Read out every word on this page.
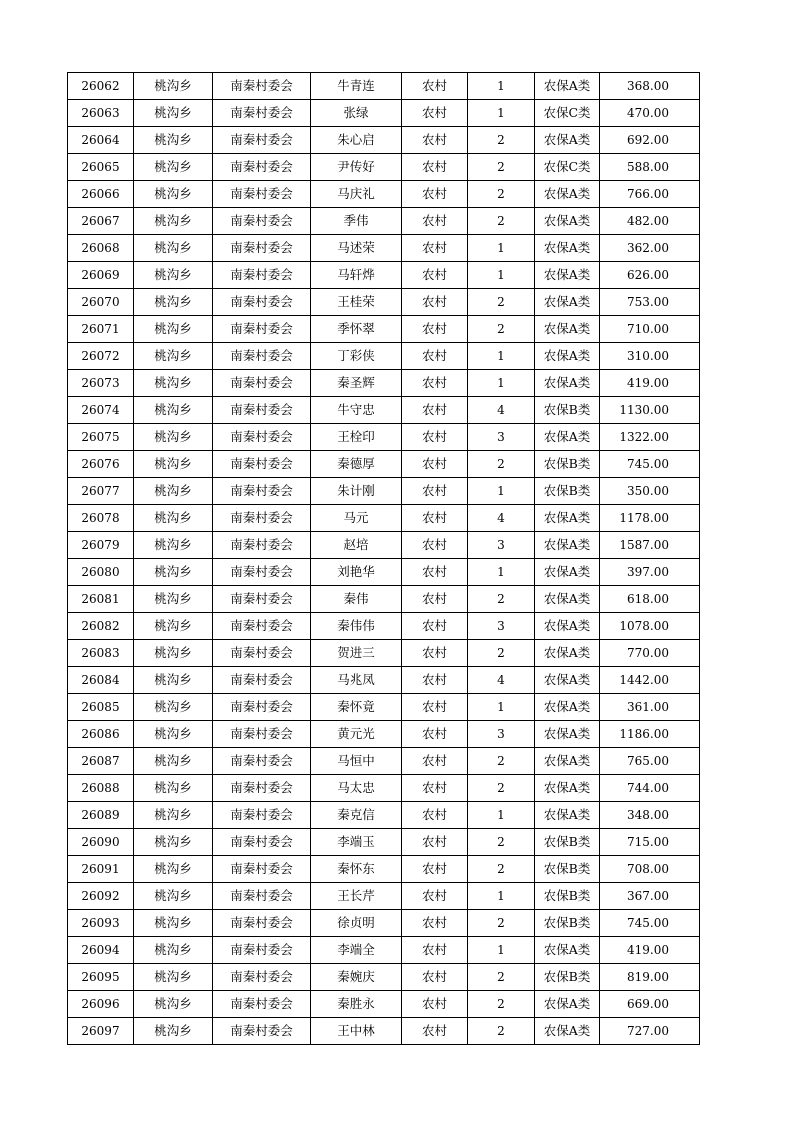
26062	桃沟乡	南秦村委会	牛青连	农村	1	农保A类	368.00
26063	桃沟乡	南秦村委会	张绿	农村	1	农保C类	470.00
26064	桃沟乡	南秦村委会	朱心启	农村	2	农保A类	692.00
26065	桃沟乡	南秦村委会	尹传好	农村	2	农保C类	588.00
26066	桃沟乡	南秦村委会	马庆礼	农村	2	农保A类	766.00
26067	桃沟乡	南秦村委会	季伟	农村	2	农保A类	482.00
26068	桃沟乡	南秦村委会	马述荣	农村	1	农保A类	362.00
26069	桃沟乡	南秦村委会	马轩烨	农村	1	农保A类	626.00
26070	桃沟乡	南秦村委会	王桂荣	农村	2	农保A类	753.00
26071	桃沟乡	南秦村委会	季怀翠	农村	2	农保A类	710.00
26072	桃沟乡	南秦村委会	丁彩侠	农村	1	农保A类	310.00
26073	桃沟乡	南秦村委会	秦圣辉	农村	1	农保A类	419.00
26074	桃沟乡	南秦村委会	牛守忠	农村	4	农保B类	1130.00
26075	桃沟乡	南秦村委会	王栓印	农村	3	农保A类	1322.00
26076	桃沟乡	南秦村委会	秦德厚	农村	2	农保B类	745.00
26077	桃沟乡	南秦村委会	朱计刚	农村	1	农保B类	350.00
26078	桃沟乡	南秦村委会	马元	农村	4	农保A类	1178.00
26079	桃沟乡	南秦村委会	赵培	农村	3	农保A类	1587.00
26080	桃沟乡	南秦村委会	刘艳华	农村	1	农保A类	397.00
26081	桃沟乡	南秦村委会	秦伟	农村	2	农保A类	618.00
26082	桃沟乡	南秦村委会	秦伟伟	农村	3	农保A类	1078.00
26083	桃沟乡	南秦村委会	贺进三	农村	2	农保A类	770.00
26084	桃沟乡	南秦村委会	马兆凤	农村	4	农保A类	1442.00
26085	桃沟乡	南秦村委会	秦怀竟	农村	1	农保A类	361.00
26086	桃沟乡	南秦村委会	黄元光	农村	3	农保A类	1186.00
26087	桃沟乡	南秦村委会	马恒中	农村	2	农保A类	765.00
26088	桃沟乡	南秦村委会	马太忠	农村	2	农保A类	744.00
26089	桃沟乡	南秦村委会	秦克信	农村	1	农保A类	348.00
26090	桃沟乡	南秦村委会	李端玉	农村	2	农保B类	715.00
26091	桃沟乡	南秦村委会	秦怀东	农村	2	农保B类	708.00
26092	桃沟乡	南秦村委会	王长芹	农村	1	农保B类	367.00
26093	桃沟乡	南秦村委会	徐贞明	农村	2	农保B类	745.00
26094	桃沟乡	南秦村委会	李端全	农村	1	农保A类	419.00
26095	桃沟乡	南秦村委会	秦婉庆	农村	2	农保B类	819.00
26096	桃沟乡	南秦村委会	秦胜永	农村	2	农保A类	669.00
26097	桃沟乡	南秦村委会	王中林	农村	2	农保A类	727.00
